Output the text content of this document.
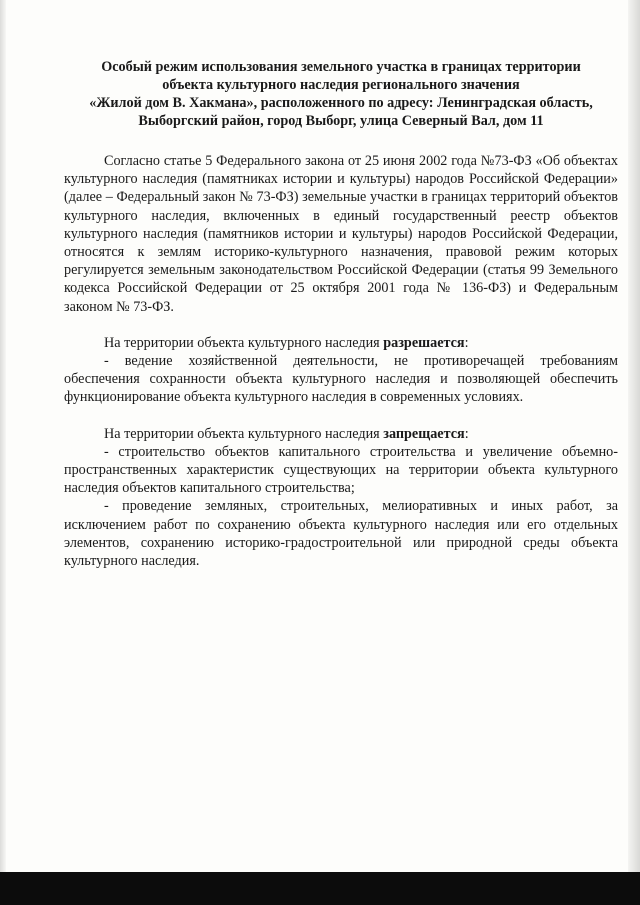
Особый режим использования земельного участка в границах территории
объекта культурного наследия регионального значения
«Жилой дом В. Хакмана», расположенного по адресу: Ленинградская область,
Выборгский район, город Выборг, улица Северный Вал, дом 11

Согласно статье 5 Федерального закона от 25 июня 2002 года №73-ФЗ «Об объектах культурного наследия (памятниках истории и культуры) народов Российской Федерации» (далее – Федеральный закон № 73-ФЗ) земельные участки в границах территорий объектов культурного наследия, включенных в единый государственный реестр объектов культурного наследия (памятников истории и культуры) народов Российской Федерации, относятся к землям историко-культурного назначения, правовой режим которых регулируется земельным законодательством Российской Федерации (статья 99 Земельного кодекса Российской Федерации от 25 октября 2001 года № 136-ФЗ) и Федеральным законом № 73-ФЗ.

На территории объекта культурного наследия разрешается:

- ведение хозяйственной деятельности, не противоречащей требованиям обеспечения сохранности объекта культурного наследия и позволяющей обеспечить функционирование объекта культурного наследия в современных условиях.

На территории объекта культурного наследия запрещается:

- строительство объектов капитального строительства и увеличение объемно-пространственных характеристик существующих на территории объекта культурного наследия объектов капитального строительства;

- проведение земляных, строительных, мелиоративных и иных работ, за исключением работ по сохранению объекта культурного наследия или его отдельных элементов, сохранению историко-градостроительной или природной среды объекта культурного наследия.
